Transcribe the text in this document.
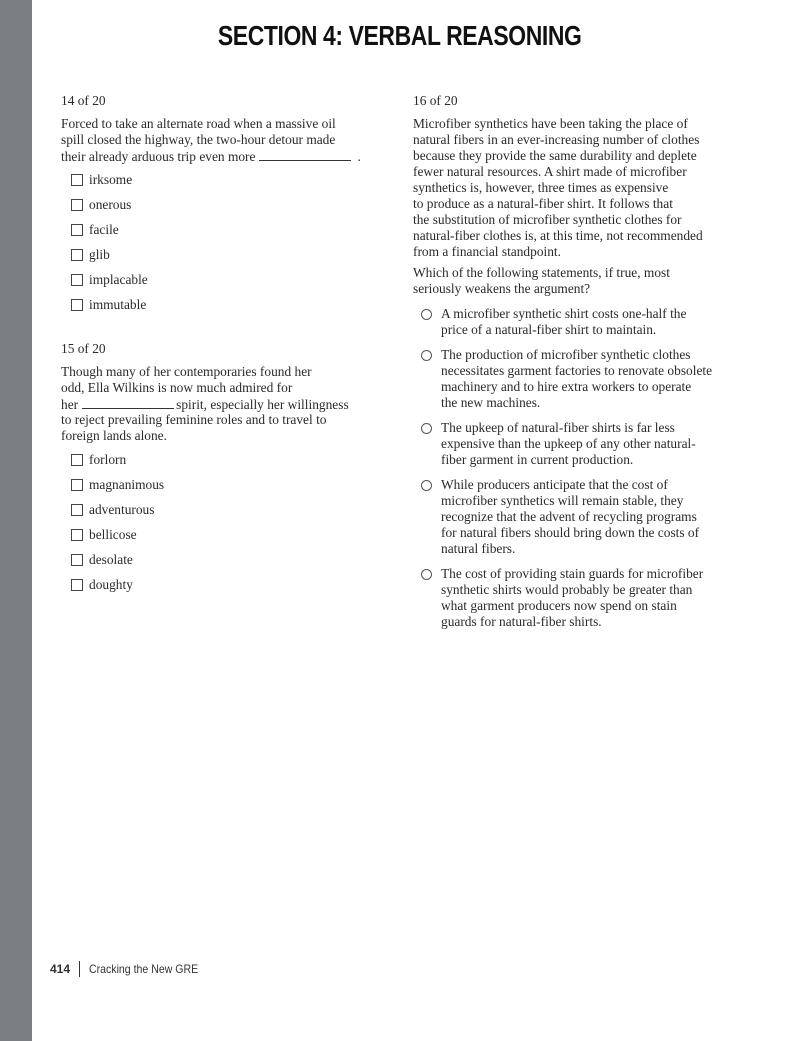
SECTION 4: VERBAL REASONING
14 of 20
Forced to take an alternate road when a massive oil
spill closed the highway, the two-hour detour made
their already arduous trip even more	.
irksome
onerous
facile
glib
implacable
immutable
15 of 20
Though many of her contemporaries found her
odd, Ella Wilkins is now much admired for
her	spirit, especially her willingness
to reject prevailing feminine roles and to travel to
foreign lands alone.
forlorn
magnanimous
adventurous
bellicose
desolate
doughty
16 of 20
Microfiber synthetics have been taking the place of
natural fibers in an ever-increasing number of clothes
because they provide the same durability and deplete
fewer natural resources. A shirt made of microfiber
synthetics is, however, three times as expensive
to produce as a natural-fiber shirt. It follows that
the substitution of microfiber synthetic clothes for
natural-fiber clothes is, at this time, not recommended
from a financial standpoint.
Which of the following statements, if true, most
seriously weakens the argument?
A microfiber synthetic shirt costs one-half the
price of a natural-fiber shirt to maintain.
The production of microfiber synthetic clothes
necessitates garment factories to renovate obsolete
machinery and to hire extra workers to operate
the new machines.
The upkeep of natural-fiber shirts is far less
expensive than the upkeep of any other natural-
fiber garment in current production.
While producers anticipate that the cost of
microfiber synthetics will remain stable, they
recognize that the advent of recycling programs
for natural fibers should bring down the costs of
natural fibers.
The cost of providing stain guards for microfiber
synthetic shirts would probably be greater than
what garment producers now spend on stain
guards for natural-fiber shirts.
414 Cracking the New GRE
